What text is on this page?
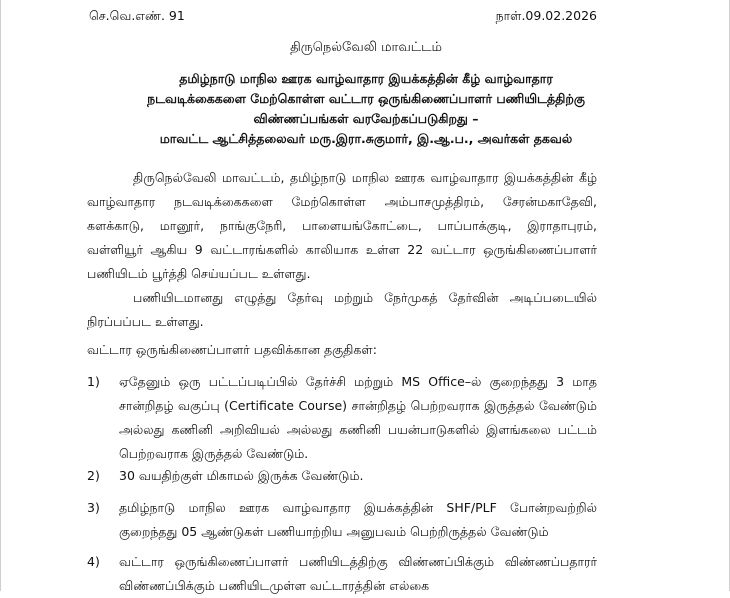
செ.வெ.எண். 91	நாள்.09.02.2026
திருநெல்வேலி மாவட்டம்
தமிழ்நாடு மாநில ஊரக வாழ்வாதார இயக்கத்தின் கீழ் வாழ்வாதார
நடவடிக்கைகளை மேற்கொள்ள வட்டார ஒருங்கிணைப்பாளர் பணியிடத்திற்கு
விண்ணப்பங்கள் வரவேற்கப்படுகிறது –
மாவட்ட ஆட்சித்தலைவர் மரு.இரா.சுகுமார், இ.ஆ.ப., அவர்கள் தகவல்

திருநெல்வேலி மாவட்டம், தமிழ்நாடு மாநில ஊரக வாழ்வாதார இயக்கத்தின் கீழ் வாழ்வாதார நடவடிக்கைகளை மேற்கொள்ள அம்பாசமுத்திரம், சேரன்மகாதேவி, களக்காடு, மானூர், நாங்குநேரி, பாளையங்கோட்டை, பாப்பாக்குடி, இராதாபுரம், வள்ளியூர் ஆகிய 9 வட்டாரங்களில் காலியாக உள்ள 22 வட்டார ஒருங்கிணைப்பாளர் பணியிடம் பூர்த்தி செய்யப்பட உள்ளது.

பணியிடமானது எழுத்து தேர்வு மற்றும் நேர்முகத் தேர்வின் அடிப்படையில் நிரப்பப்பட உள்ளது.

வட்டார ஒருங்கிணைப்பாளர் பதவிக்கான தகுதிகள்:
1)	ஏதேனும் ஒரு பட்டப்படிப்பில் தேர்ச்சி மற்றும் MS Office–ல் குறைந்தது 3 மாத சான்றிதழ் வகுப்பு (Certificate Course) சான்றிதழ் பெற்றவராக இருத்தல் வேண்டும் அல்லது கணினி அறிவியல் அல்லது கணினி பயன்பாடுகளில் இளங்கலை பட்டம் பெற்றவராக இருத்தல் வேண்டும்.
2)	30 வயதிற்குள் மிகாமல் இருக்க வேண்டும்.
3)	தமிழ்நாடு மாநில ஊரக வாழ்வாதார இயக்கத்தின் SHF/PLF போன்றவற்றில் குறைந்தது 05 ஆண்டுகள் பணியாற்றிய அனுபவம் பெற்றிருத்தல் வேண்டும்
4)	வட்டார ஒருங்கிணைப்பாளர் பணியிடத்திற்கு விண்ணப்பிக்கும் விண்ணப்பதாரர் விண்ணப்பிக்கும் பணியிடமுள்ள வட்டாரத்தின் எல்கை
